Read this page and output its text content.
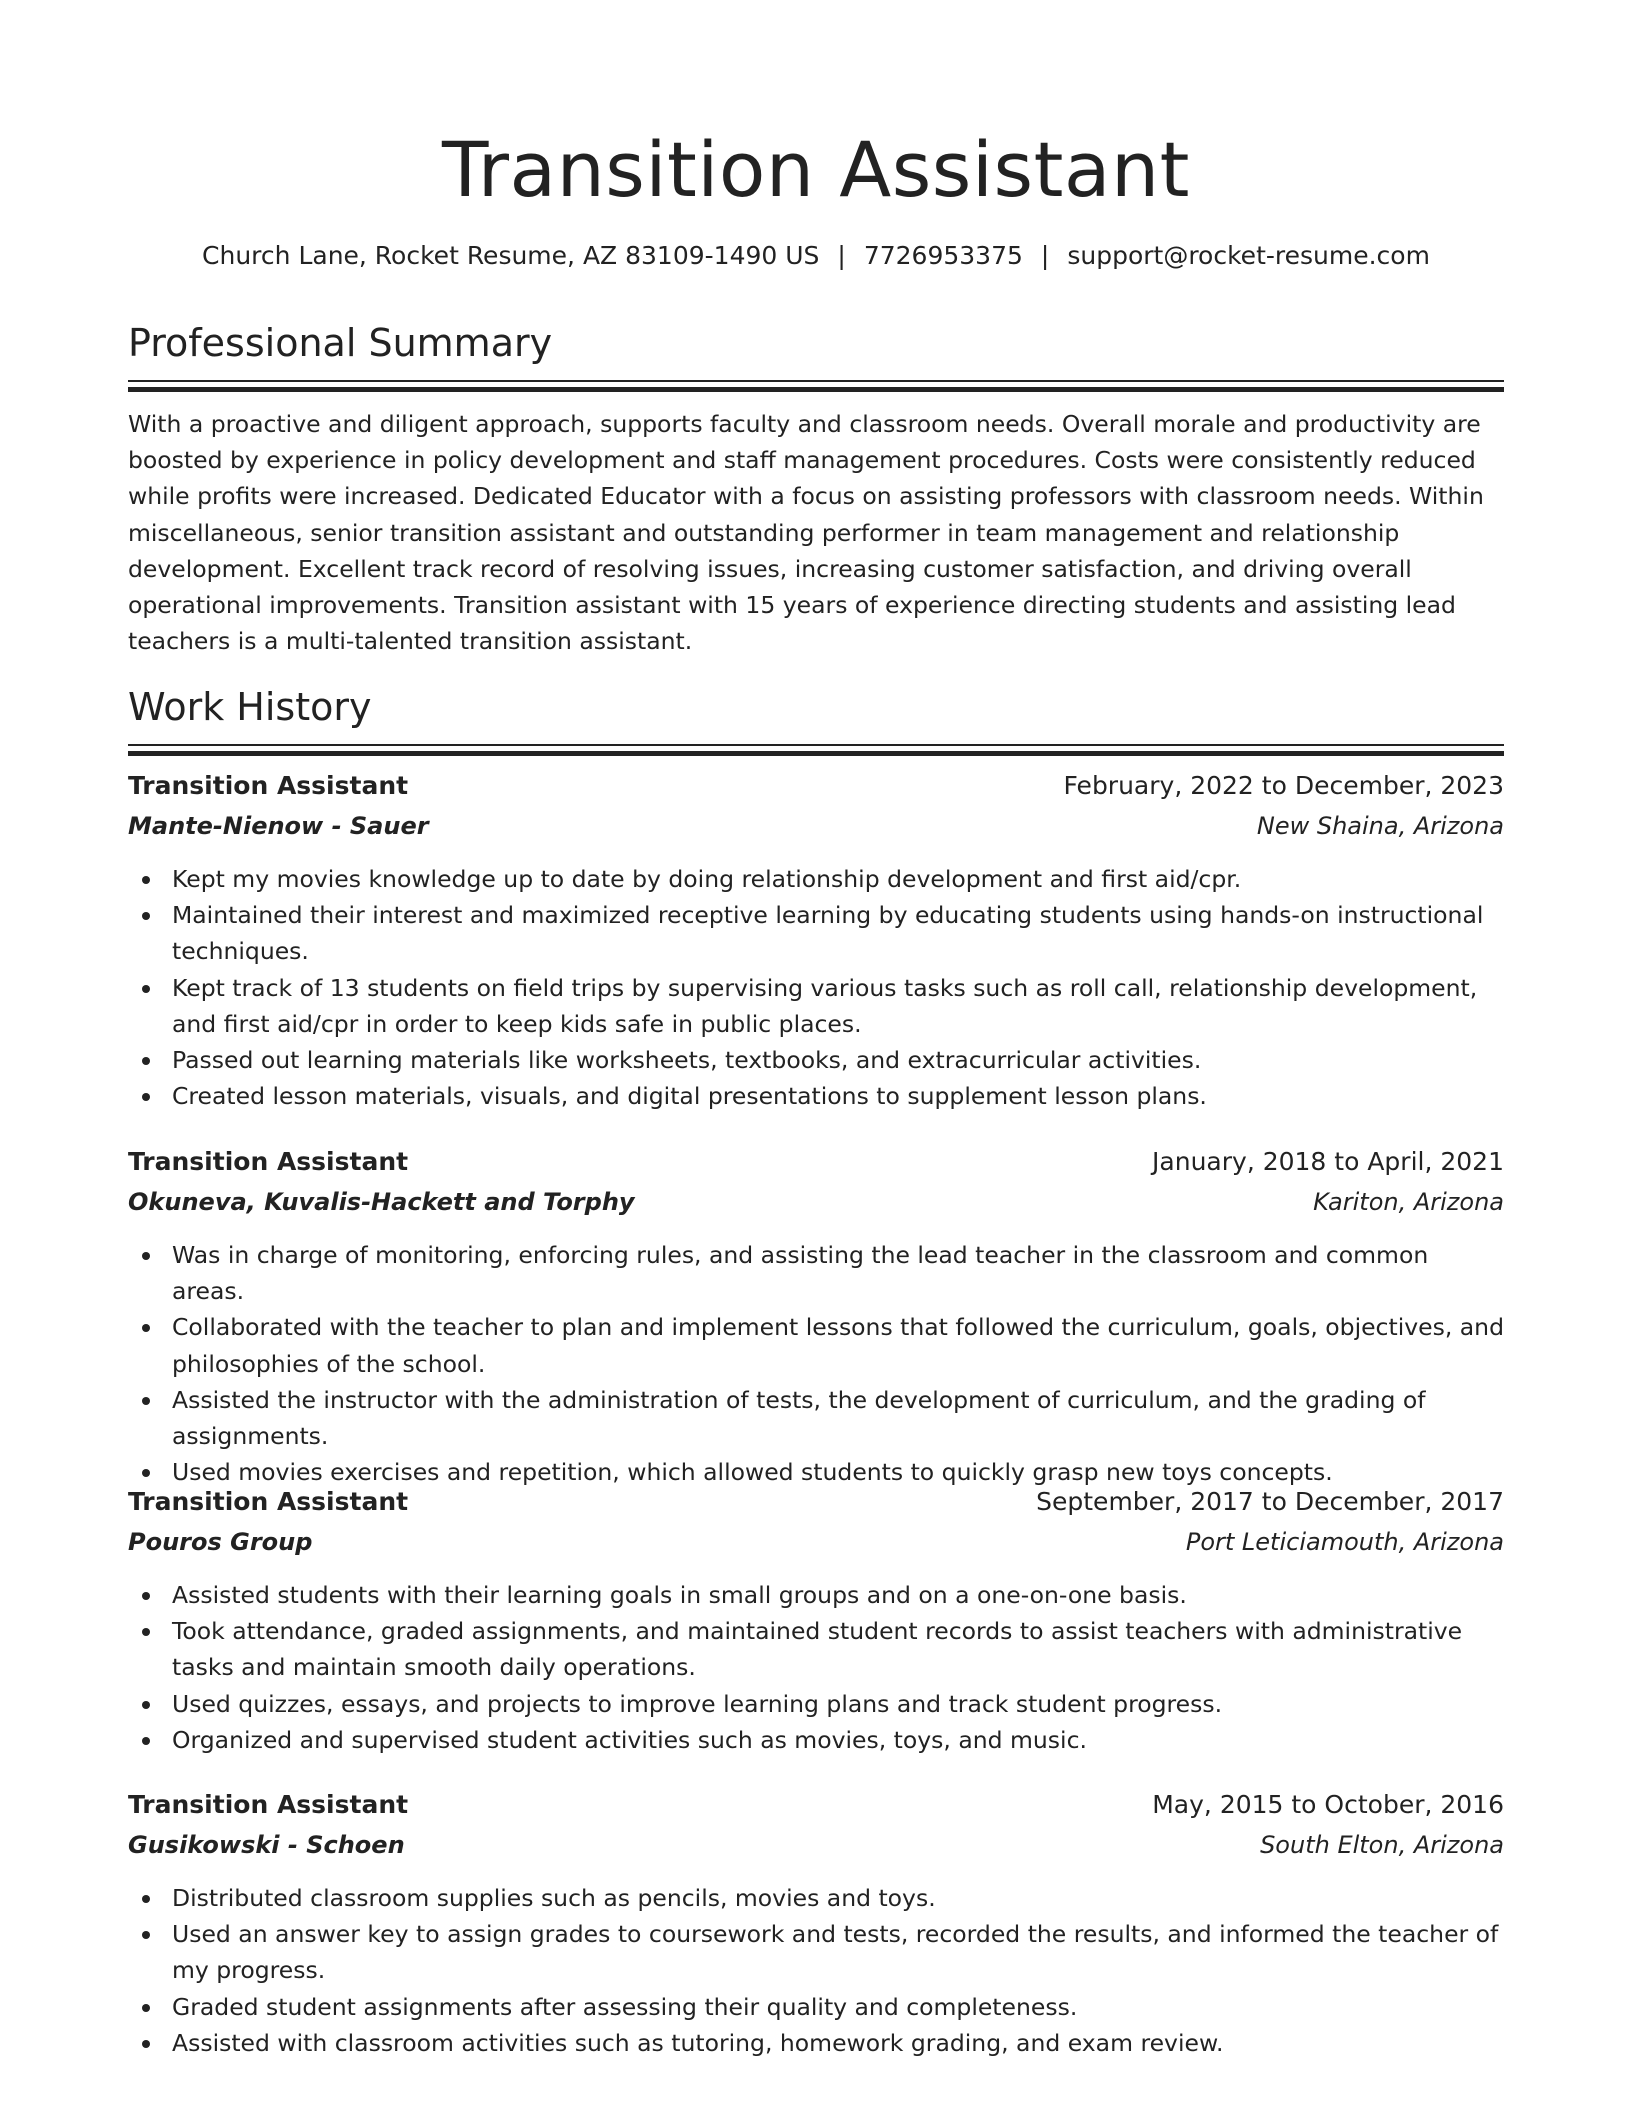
Transition Assistant
Church Lane, Rocket Resume, AZ 83109-1490 US | 7726953375 | support@rocket-resume.com
Professional Summary

With a proactive and diligent approach, supports faculty and classroom needs. Overall morale and productivity are boosted by experience in policy development and staff management procedures. Costs were consistently reduced while profits were increased. Dedicated Educator with a focus on assisting professors with classroom needs. Within miscellaneous, senior transition assistant and outstanding performer in team management and relationship development. Excellent track record of resolving issues, increasing customer satisfaction, and driving overall operational improvements. Transition assistant with 15 years of experience directing students and assisting lead teachers is a multi-talented transition assistant.

Work History
Transition Assistant	February, 2022 to December, 2023
Mante-Nienow - Sauer	New Shaina, Arizona
Kept my movies knowledge up to date by doing relationship development and first aid/cpr.
Maintained their interest and maximized receptive learning by educating students using hands-on instructional techniques.
Kept track of 13 students on field trips by supervising various tasks such as roll call, relationship development, and first aid/cpr in order to keep kids safe in public places.
Passed out learning materials like worksheets, textbooks, and extracurricular activities.
Created lesson materials, visuals, and digital presentations to supplement lesson plans.
Transition Assistant	January, 2018 to April, 2021
Okuneva, Kuvalis-Hackett and Torphy	Kariton, Arizona
Was in charge of monitoring, enforcing rules, and assisting the lead teacher in the classroom and common areas.
Collaborated with the teacher to plan and implement lessons that followed the curriculum, goals, objectives, and philosophies of the school.
Assisted the instructor with the administration of tests, the development of curriculum, and the grading of assignments.
Used movies exercises and repetition, which allowed students to quickly grasp new toys concepts.
Transition Assistant	September, 2017 to December, 2017
Pouros Group	Port Leticiamouth, Arizona
Assisted students with their learning goals in small groups and on a one-on-one basis.
Took attendance, graded assignments, and maintained student records to assist teachers with administrative tasks and maintain smooth daily operations.
Used quizzes, essays, and projects to improve learning plans and track student progress.
Organized and supervised student activities such as movies, toys, and music.
Transition Assistant	May, 2015 to October, 2016
Gusikowski - Schoen	South Elton, Arizona
Distributed classroom supplies such as pencils, movies and toys.
Used an answer key to assign grades to coursework and tests, recorded the results, and informed the teacher of my progress.
Graded student assignments after assessing their quality and completeness.
Assisted with classroom activities such as tutoring, homework grading, and exam review.
